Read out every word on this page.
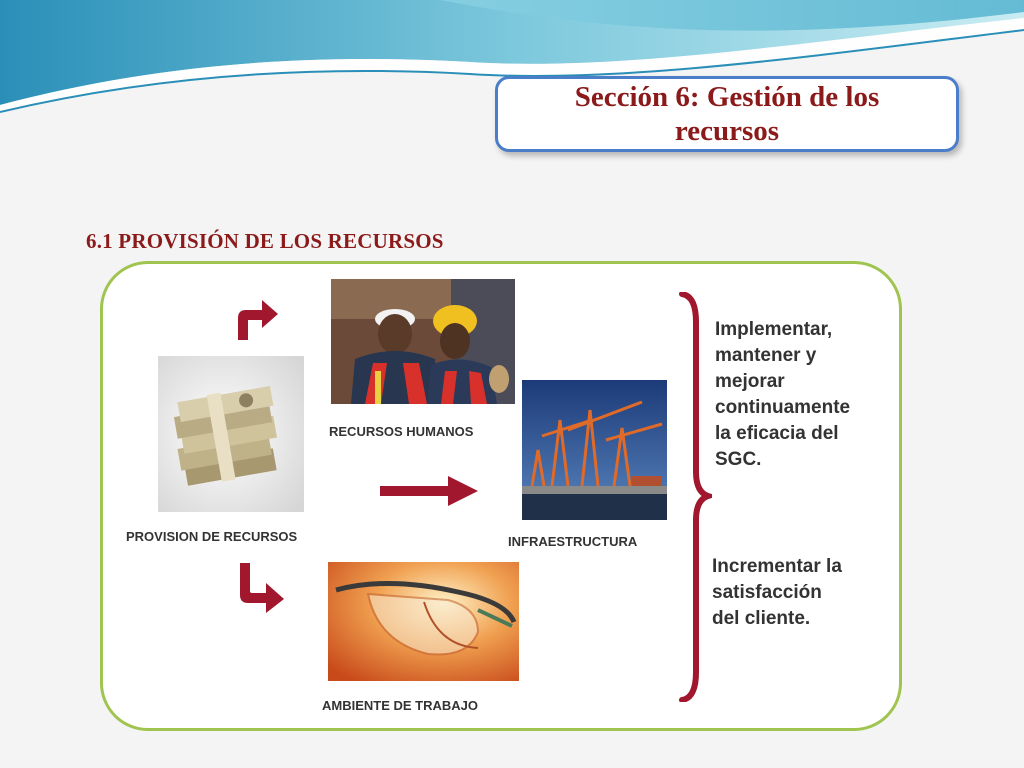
Sección 6: Gestión de los recursos
6.1 PROVISIÓN DE LOS RECURSOS
PROVISION DE RECURSOS
RECURSOS HUMANOS
INFRAESTRUCTURA
AMBIENTE DE TRABAJO
Implementar,
mantener y
mejorar
continuamente
la eficacia del
SGC.
Incrementar la
satisfacción
del cliente.
